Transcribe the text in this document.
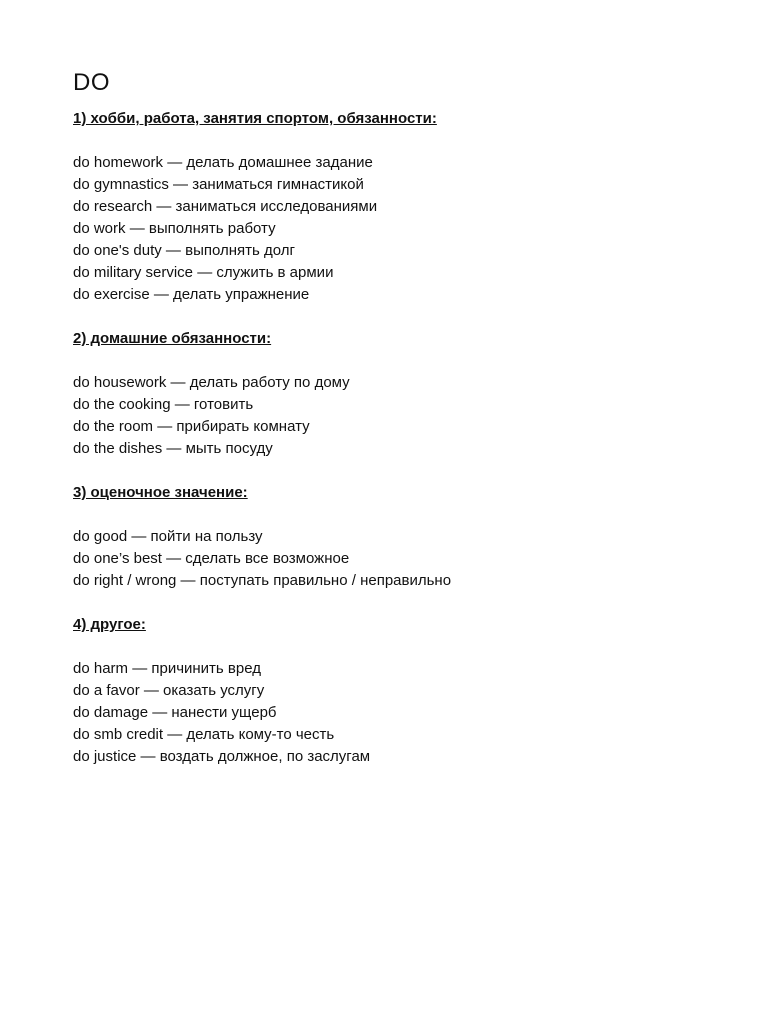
DO
1) хобби, работа, занятия спортом, обязанности:
do homework — делать домашнее задание
do gymnastics — заниматься гимнастикой
do research — заниматься исследованиями
do work — выполнять работу
do one's duty — выполнять долг
do military service — служить в армии
do exercise — делать упражнение
2) домашние обязанности:
do housework — делать работу по дому
do the cooking — готовить
do the room — прибирать комнату
do the dishes — мыть посуду
3) оценочное значение:
do good — пойти на пользу
do one’s best — сделать все возможное
do right / wrong — поступать правильно / неправильно
4) другое:
do harm — причинить вред
do a favor — оказать услугу
do damage — нанести ущерб
do smb credit — делать кому-то честь
do justice — воздать должное, по заслугам
